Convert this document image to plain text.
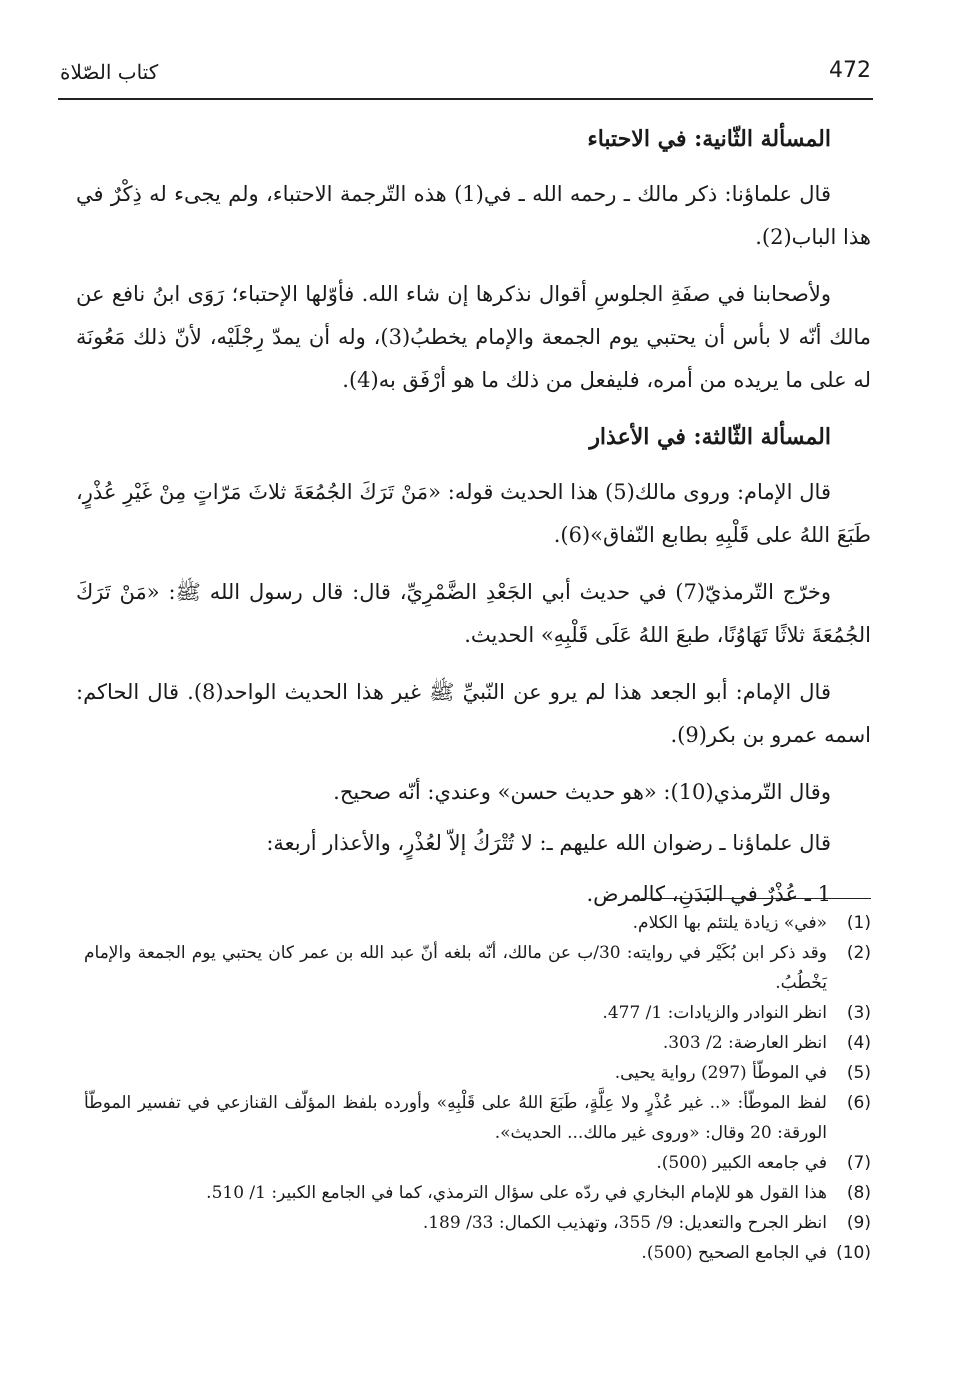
472
كتاب الصّلاة
المسألة الثّانية: في الاحتباء

قال علماؤنا: ذكر مالك ـ رحمه الله ـ في(1) هذه التّرجمة الاحتباء، ولم يجىء له ذِكْرٌ في هذا الباب(2).

ولأصحابنا في صفَةِ الجلوسِ أقوال نذكرها إن شاء الله. فأوّلها الإحتباء؛ رَوَى ابنُ نافع عن مالك أنّه لا بأس أن يحتبي يوم الجمعة والإمام يخطبُ(3)، وله أن يمدّ رِجْلَيْه، لأنّ ذلك مَعُونَة له على ما يريده من أمره، فليفعل من ذلك ما هو أرْفَق به(4).

المسألة الثّالثة: في الأعذار

قال الإمام: وروى مالك(5) هذا الحديث قوله: «مَنْ تَرَكَ الجُمُعَةَ ثلاثَ مَرّاتٍ مِنْ غَيْرِ عُذْرٍ، طَبَعَ اللهُ على قَلْبِهِ بطابع النّفاق»(6).

وخرّج التّرمذيّ(7) في حديث أبي الجَعْدِ الضَّمْرِيِّ، قال: قال رسول الله ﷺ: «مَنْ تَرَكَ الجُمُعَةَ ثلاثًا تَهَاوُنًا، طبعَ اللهُ عَلَى قَلْبِهِ» الحديث.

قال الإمام: أبو الجعد هذا لم يرو عن النّبيِّ ﷺ غير هذا الحديث الواحد(8). قال الحاكم: اسمه عمرو بن بكر(9).

وقال التّرمذي(10): «هو حديث حسن» وعندي: أنّه صحيح.
قال علماؤنا ـ رضوان الله عليهم ـ: لا تُتْرَكُ إلاّ لعُذْرٍ، والأعذار أربعة:
1 ـ عُذْرٌ في البَدَنِ، كالمرض.
(1)
«في» زيادة يلتئم بها الكلام.
(2)
وقد ذكر ابن بُكَيْر في روايته: 30/ب عن مالك، أنّه بلغه أنّ عبد الله بن عمر كان يحتبي يوم الجمعة والإمام يَخْطُبُ.
(3)
انظر النوادر والزيادات: 1/ 477.
(4)
انظر العارضة: 2/ 303.
(5)
في الموطّأ (297) رواية يحيى.
(6)
لفظ الموطّأ: «.. غير عُذْرٍ ولا عِلَّةٍ، طَبَعَ اللهُ على قَلْبِهِ» وأورده بلفظ المؤلّف القنازعي في تفسير الموطّأ الورقة: 20 وقال: «وروى غير مالك... الحديث».
(7)
في جامعه الكبير (500).
(8)
هذا القول هو للإمام البخاري في ردّه على سؤال الترمذي، كما في الجامع الكبير: 1/ 510.
(9)
انظر الجرح والتعديل: 9/ 355، وتهذيب الكمال: 33/ 189.
(10)
في الجامع الصحيح (500).
